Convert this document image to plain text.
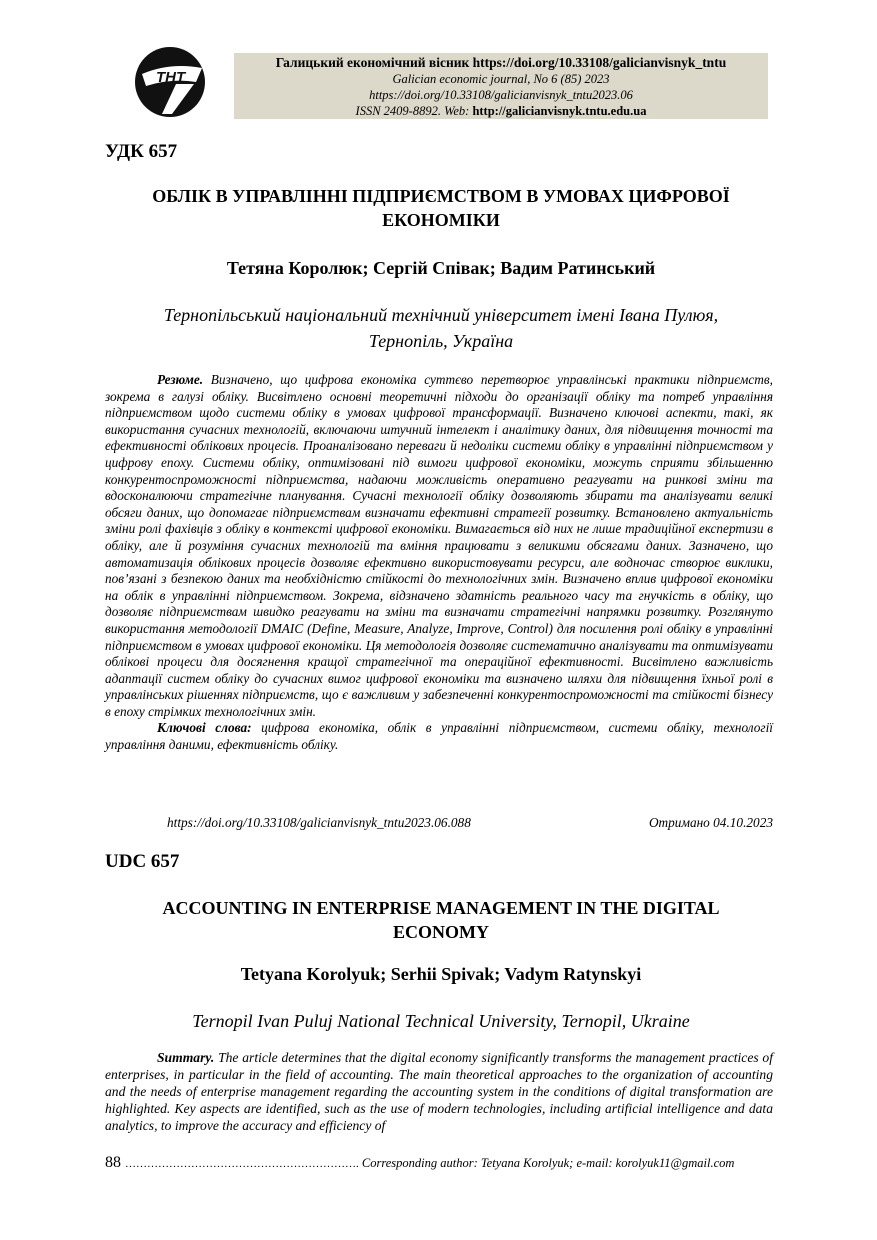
ТНТ
Галицький економічний вісник https://doi.org/10.33108/galicianvisnyk_tntu
Galician economic journal, No 6 (85) 2023
https://doi.org/10.33108/galicianvisnyk_tntu2023.06
ISSN 2409-8892. Web: http://galicianvisnyk.tntu.edu.ua
УДК 657
ОБЛІК В УПРАВЛІННІ ПІДПРИЄМСТВОМ В УМОВАХ ЦИФРОВОЇ
ЕКОНОМІКИ
Тетяна Королюк; Сергій Співак; Вадим Ратинський
Тернопільський національний технічний університет імені Івана Пулюя,
Тернопіль, Україна

Резюме. Визначено, що цифрова економіка суттєво перетворює управлінські практики підприємств, зокрема в галузі обліку. Висвітлено основні теоретичні підходи до організації обліку та потреб управління підприємством щодо системи обліку в умовах цифрової трансформації. Визначено ключові аспекти, такі, як використання сучасних технологій, включаючи штучний інтелект і аналітику даних, для підвищення точності та ефективності облікових процесів. Проаналізовано переваги й недоліки системи обліку в управлінні підприємством у цифрову епоху. Системи обліку, оптимізовані під вимоги цифрової економіки, можуть сприяти збільшенню конкурентоспроможності підприємства, надаючи можливість оперативно реагувати на ринкові зміни та вдосконалюючи стратегічне планування. Сучасні технології обліку дозволяють збирати та аналізувати великі обсяги даних, що допомагає підприємствам визначати ефективні стратегії розвитку. Встановлено актуальність зміни ролі фахівців з обліку в контексті цифрової економіки. Вимагається від них не лише традиційної експертизи в обліку, але й розуміння сучасних технологій та вміння працювати з великими обсягами даних. Зазначено, що автоматизація облікових процесів дозволяє ефективно використовувати ресурси, але водночас створює виклики, пов’язані з безпекою даних та необхідністю стійкості до технологічних змін. Визначено вплив цифрової економіки на облік в управлінні підприємством. Зокрема, відзначено здатність реального часу та гнучкість в обліку, що дозволяє підприємствам швидко реагувати на зміни та визначати стратегічні напрямки розвитку. Розглянуто використання методології DMAIC (Define, Measure, Analyze, Improve, Control) для посилення ролі обліку в управлінні підприємством в умовах цифрової економіки. Ця методологія дозволяє систематично аналізувати та оптимізувати облікові процеси для досягнення кращої стратегічної та операційної ефективності. Висвітлено важливість адаптації систем обліку до сучасних вимог цифрової економіки та визначено шляхи для підвищення їхньої ролі в управлінських рішеннях підприємств, що є важливим у забезпеченні конкурентоспроможності та стійкості бізнесу в епоху стрімких технологічних змін.

Ключові слова: цифрова економіка, облік в управлінні підприємством, системи обліку, технології управління даними, ефективність обліку.

https://doi.org/10.33108/galicianvisnyk_tntu2023.06.088	Отримано 04.10.2023
UDC 657
ACCOUNTING IN ENTERPRISE MANAGEMENT IN THE DIGITAL
ECONOMY
Tetyana Korolyuk; Serhii Spivak; Vadym Ratynskyi
Ternopil Ivan Puluj National Technical University, Ternopil, Ukraine

Summary. The article determines that the digital economy significantly transforms the management practices of enterprises, in particular in the field of accounting. The main theoretical approaches to the organization of accounting and the needs of enterprise management regarding the accounting system in the conditions of digital transformation are highlighted. Key aspects are identified, such as the use of modern technologies, including artificial intelligence and data analytics, to improve the accuracy and efficiency of

88 ………………………………………………………. Corresponding author: Tetyana Korolyuk; e-mail: korolyuk11@gmail.com
